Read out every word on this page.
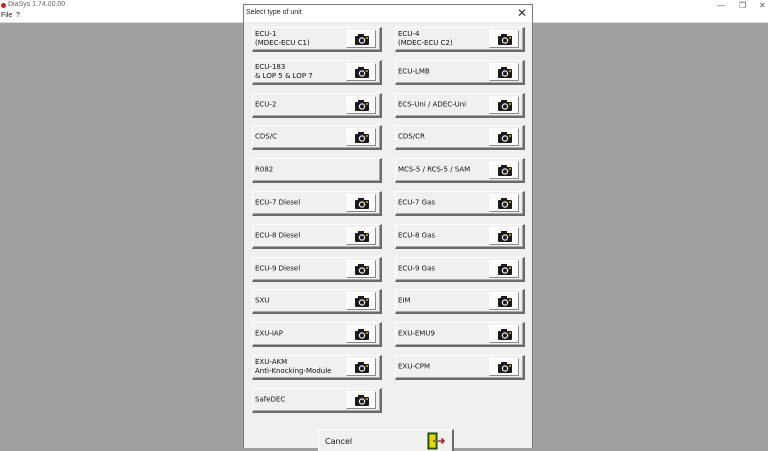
DiaSys 1.74.00.00	— ❐ ✕
File ?	Select type of unit	✕
ECU-1
(MDEC-ECU C1)
ECU-183
& LOP 5 & LOP 7
ECU-2
CDS/C
R082
ECU-7 Diesel
ECU-8 Diesel
ECU-9 Diesel
SXU
EXU-IAP
EXU-AKM
Anti-Knocking-Module
SafeDEC
ECU-4
(MDEC-ECU C2)
ECU-LMB
ECS-Uni / ADEC-Uni
CDS/CR
MCS-5 / RCS-5 / SAM
ECU-7 Gas
ECU-8 Gas
ECU-9 Gas
EIM
EXU-EMU9
EXU-CPM
Cancel
